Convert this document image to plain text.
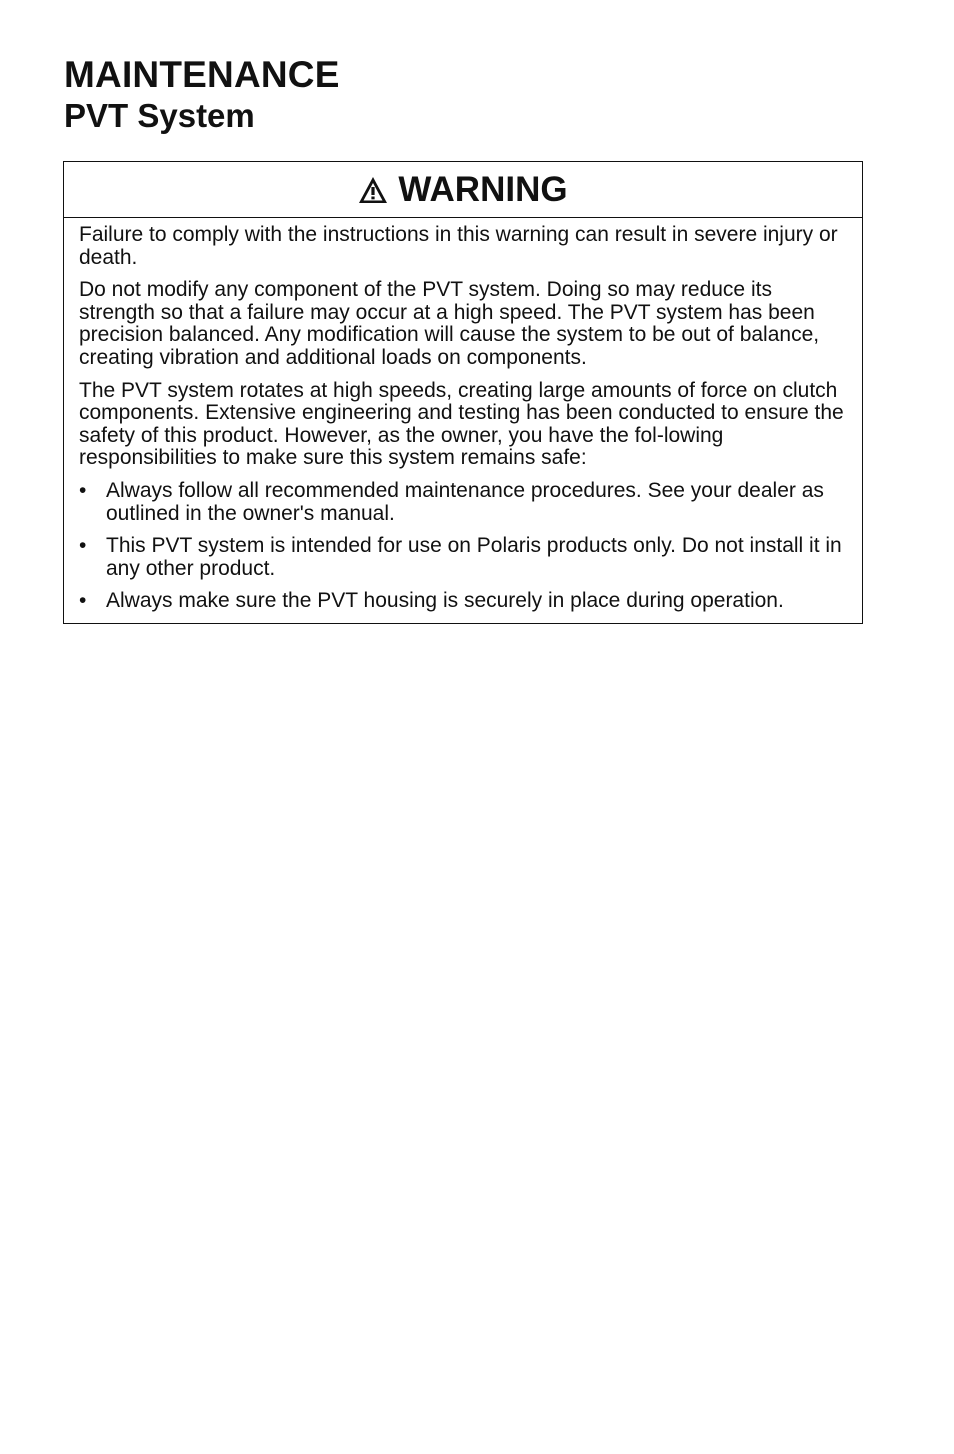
MAINTENANCE
PVT System
WARNING

Failure to comply with the instructions in this warning can result in severe injury or death.

Do not modify any component of the PVT system. Doing so may reduce its strength so that a failure may occur at a high speed. The PVT system has been precision balanced. Any modification will cause the system to be out of balance, creating vibration and additional loads on components.

The PVT system rotates at high speeds, creating large amounts of force on clutch components. Extensive engineering and testing has been conducted to ensure the safety of this product. However, as the owner, you have the fol-lowing responsibilities to make sure this system remains safe:

• Always follow all recommended maintenance procedures. See your dealer as outlined in the owner's manual.
• This PVT system is intended for use on Polaris products only. Do not install it in any other product.
• Always make sure the PVT housing is securely in place during operation.
